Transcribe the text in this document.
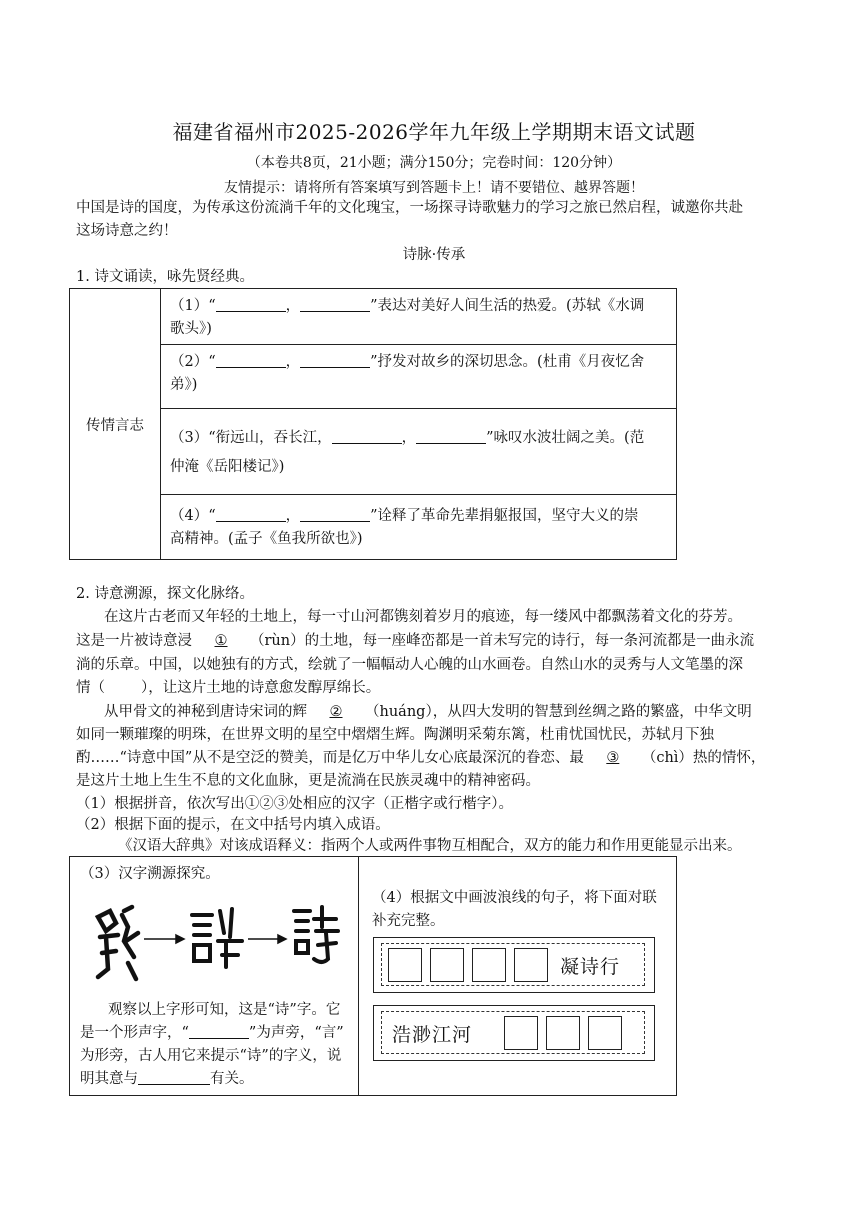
福建省福州市2025-2026学年九年级上学期期末语文试题
（本卷共8页，21小题；满分150分；完卷时间：120分钟）
友情提示：请将所有答案填写到答题卡上！请不要错位、越界答题！
中国是诗的国度，为传承这份流淌千年的文化瑰宝，一场探寻诗歌魅力的学习之旅已然启程，诚邀你共赴
这场诗意之约！
诗脉·传承
1. 诗文诵读，咏先贤经典。
传情言志
（1）“	，	”表达对美好人间生活的热爱。(苏轼《水调
歌头》)
（2）“	，	”抒发对故乡的深切思念。(杜甫《月夜忆舍
弟》)
（3）“衔远山，吞长江，	，	”咏叹水波壮阔之美。(范
仲淹《岳阳楼记》)
（4）“	，	”诠释了革命先辈捐躯报国，坚守大义的崇
高精神。(孟子《鱼我所欲也》)
2. 诗意溯源，探文化脉络。
在这片古老而又年轻的土地上，每一寸山河都镌刻着岁月的痕迹，每一缕风中都飘荡着文化的芬芳。
这是一片被诗意浸 ① （rùn）的土地，每一座峰峦都是一首未写完的诗行，每一条河流都是一曲永流
淌的乐章。中国，以她独有的方式，绘就了一幅幅动人心魄的山水画卷。自然山水的灵秀与人文笔墨的深
情（ ），让这片土地的诗意愈发醇厚绵长。
从甲骨文的神秘到唐诗宋词的辉 ② （huáng），从四大发明的智慧到丝绸之路的繁盛，中华文明
如同一颗璀璨的明珠，在世界文明的星空中熠熠生辉。陶渊明采菊东篱，杜甫忧国忧民，苏轼月下独
酌……“诗意中国”从不是空泛的赞美，而是亿万中华儿女心底最深沉的眷恋、最 ③ （chì）热的情怀，
是这片土地上生生不息的文化血脉，更是流淌在民族灵魂中的精神密码。
（1）根据拼音，依次写出①②③处相应的汉字（正楷字或行楷字）。
（2）根据下面的提示，在文中括号内填入成语。
《汉语大辞典》对该成语释义：指两个人或两件事物互相配合，双方的能力和作用更能显示出来。
（3）汉字溯源探究。
观察以上字形可知，这是“诗”字。它
是一个形声字，“	”为声旁，“言”
为形旁，古人用它来提示“诗”的字义，说
明其意与	有关。
（4）根据文中画波浪线的句子，将下面对联
补充完整。
凝诗行
浩渺江河
